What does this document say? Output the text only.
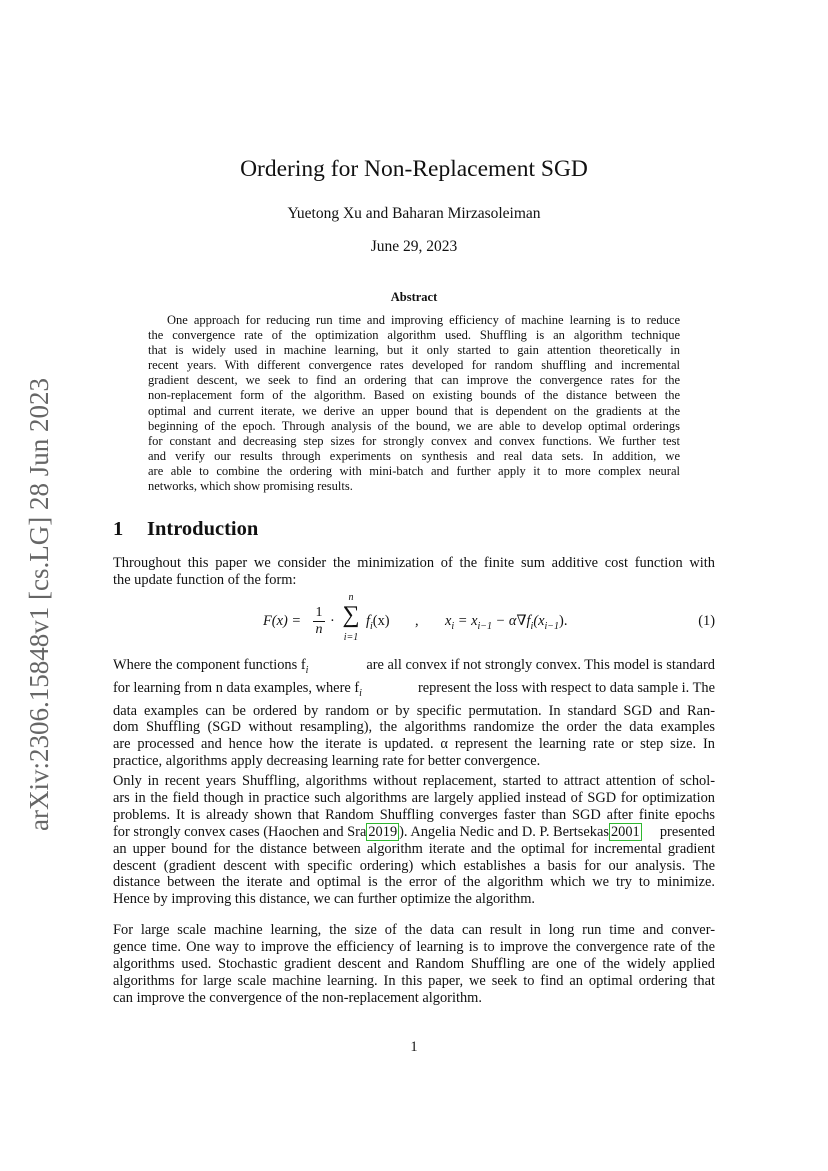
arXiv:2306.15848v1 [cs.LG] 28 Jun 2023
Ordering for Non-Replacement SGD
Yuetong Xu and Baharan Mirzasoleiman
June 29, 2023
Abstract
One approach for reducing run time and improving efficiency of machine learning is to reduce
the convergence rate of the optimization algorithm used. Shuffling is an algorithm technique
that is widely used in machine learning, but it only started to gain attention theoretically in
recent years. With different convergence rates developed for random shuffling and incremental
gradient descent, we seek to find an ordering that can improve the convergence rates for the
non-replacement form of the algorithm. Based on existing bounds of the distance between the
optimal and current iterate, we derive an upper bound that is dependent on the gradients at the
beginning of the epoch. Through analysis of the bound, we are able to develop optimal orderings
for constant and decreasing step sizes for strongly convex and convex functions. We further test
and verify our results through experiments on synthesis and real data sets. In addition, we
are able to combine the ordering with mini-batch and further apply it to more complex neural
networks, which show promising results.
1 Introduction
Throughout this paper we consider the minimization of the finite sum additive cost function with
the update function of the form:
$F(x) = \frac{1}{n}$ ·
n
∑
i=1
$f_i(x)$ , $x_i = x_{i-1} - \alpha\nabla f_i(x_{i-1})$.	(1)
Where the component functions $f_i$	are all convex if not strongly convex. This model is standard
for learning from n data examples, where $f_i$	represent the loss with respect to data sample i. The
data examples can be ordered by random or by specific permutation. In standard SGD and Ran-
dom Shuffling (SGD without resampling), the algorithms randomize the order the data examples
are processed and hence how the iterate is updated. α represent the learning rate or step size. In
practice, algorithms apply decreasing learning rate for better convergence.
Only in recent years Shuffling, algorithms without replacement, started to attract attention of schol-
ars in the field though in practice such algorithms are largely applied instead of SGD for optimization
problems. It is already shown that Random Shuffling converges faster than SGD after finite epochs
for strongly convex cases (Haochen and Sra 2019 ). Angelia Nedic and D. P. Bertsekas 2001 presented
an upper bound for the distance between algorithm iterate and the optimal for incremental gradient
descent (gradient descent with specific ordering) which establishes a basis for our analysis. The
distance between the iterate and optimal is the error of the algorithm which we try to minimize.
Hence by improving this distance, we can further optimize the algorithm.
For large scale machine learning, the size of the data can result in long run time and conver-
gence time. One way to improve the efficiency of learning is to improve the convergence rate of the
algorithms used. Stochastic gradient descent and Random Shuffling are one of the widely applied
algorithms for large scale machine learning. In this paper, we seek to find an optimal ordering that
can improve the convergence of the non-replacement algorithm.
1
